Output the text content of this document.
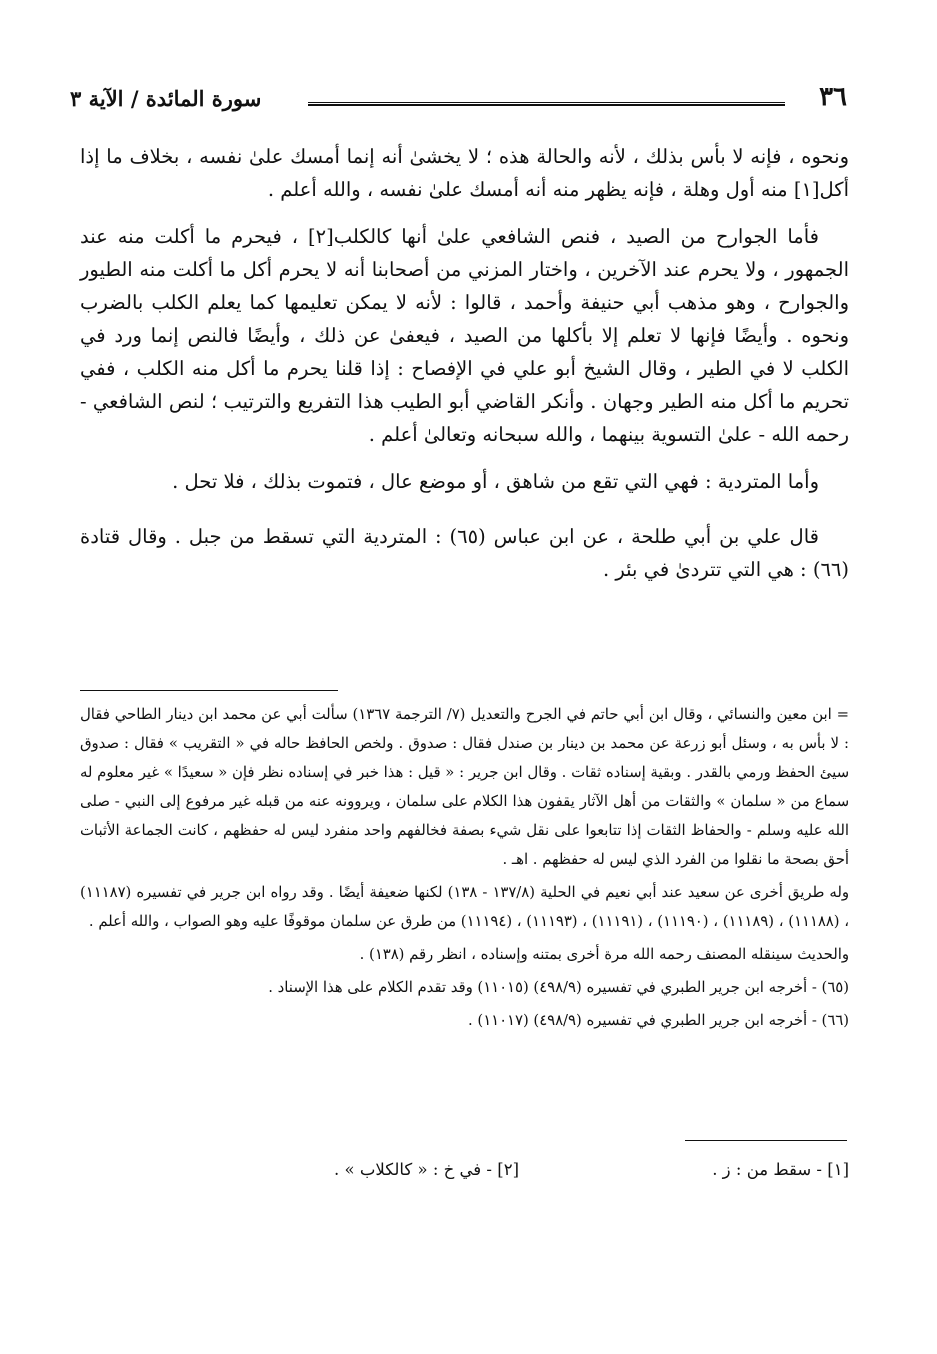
٣٦
سورة المائدة / الآية ٣

ونحوه ، فإنه لا بأس بذلك ، لأنه والحالة هذه ؛ لا يخشىٰ أنه إنما أمسك علىٰ نفسه ، بخلاف ما إذا أكل[١] منه أول وهلة ، فإنه يظهر منه أنه أمسك علىٰ نفسه ، والله أعلم .

فأما الجوارح من الصيد ، فنص الشافعي علىٰ أنها كالكلب[٢] ، فيحرم ما أكلت منه عند الجمهور ، ولا يحرم عند الآخرين ، واختار المزني من أصحابنا أنه لا يحرم أكل ما أكلت منه الطيور والجوارح ، وهو مذهب أبي حنيفة وأحمد ، قالوا : لأنه لا يمكن تعليمها كما يعلم الكلب بالضرب ونحوه . وأيضًا فإنها لا تعلم إلا بأكلها من الصيد ، فيعفىٰ عن ذلك ، وأيضًا فالنص إنما ورد في الكلب لا في الطير ، وقال الشيخ أبو علي في الإفصاح : إذا قلنا يحرم ما أكل منه الكلب ، ففي تحريم ما أكل منه الطير وجهان . وأنكر القاضي أبو الطيب هذا التفريع والترتيب ؛ لنص الشافعي - رحمه الله - علىٰ التسوية بينهما ، والله سبحانه وتعالىٰ أعلم .

وأما المتردية : فهي التي تقع من شاهق ، أو موضع عال ، فتموت بذلك ، فلا تحل .

قال علي بن أبي طلحة ، عن ابن عباس (٦٥) : المتردية التي تسقط من جبل . وقال قتادة (٦٦) : هي التي تتردىٰ في بئر .

= ابن معين والنسائي ، وقال ابن أبي حاتم في الجرح والتعديل (٧/ الترجمة ١٣٦٧) سألت أبي عن محمد ابن دينار الطاحي فقال : لا بأس به ، وسئل أبو زرعة عن محمد بن دينار بن صندل فقال : صدوق . ولخص الحافظ حاله في « التقريب » فقال : صدوق سيئ الحفظ ورمي بالقدر . وبقية إسناده ثقات . وقال ابن جرير : « قيل : هذا خبر في إسناده نظر فإن « سعيدًا » غير معلوم له سماع من « سلمان » والثقات من أهل الآثار يقفون هذا الكلام على سلمان ، ويروونه عنه من قبله غير مرفوع إلى النبي - صلى الله عليه وسلم - والحفاظ الثقات إذا تتابعوا على نقل شيء بصفة فخالفهم واحد منفرد ليس له حفظهم ، كانت الجماعة الأثبات أحق بصحة ما نقلوا من الفرد الذي ليس له حفظهم . اهـ .

وله طريق أخرى عن سعيد عند أبي نعيم في الحلية (١٣٧/٨ - ١٣٨) لكنها ضعيفة أيضًا . وقد رواه ابن جرير في تفسيره (١١١٨٧) ، (١١١٨٨) ، (١١١٨٩) ، (١١١٩٠) ، (١١١٩١) ، (١١١٩٣) ، (١١١٩٤) من طرق عن سلمان موقوفًا عليه وهو الصواب ، والله أعلم .

والحديث سينقله المصنف رحمه الله مرة أخرى بمتنه وإسناده ، انظر رقم (١٣٨) .

(٦٥) - أخرجه ابن جرير الطبري في تفسيره (٤٩٨/٩) (١١٠١٥) وقد تقدم الكلام على هذا الإسناد .

(٦٦) - أخرجه ابن جرير الطبري في تفسيره (٤٩٨/٩) (١١٠١٧) .

[١] - سقط من : ز .
[٢] - في خ : « كالكلاب » .
